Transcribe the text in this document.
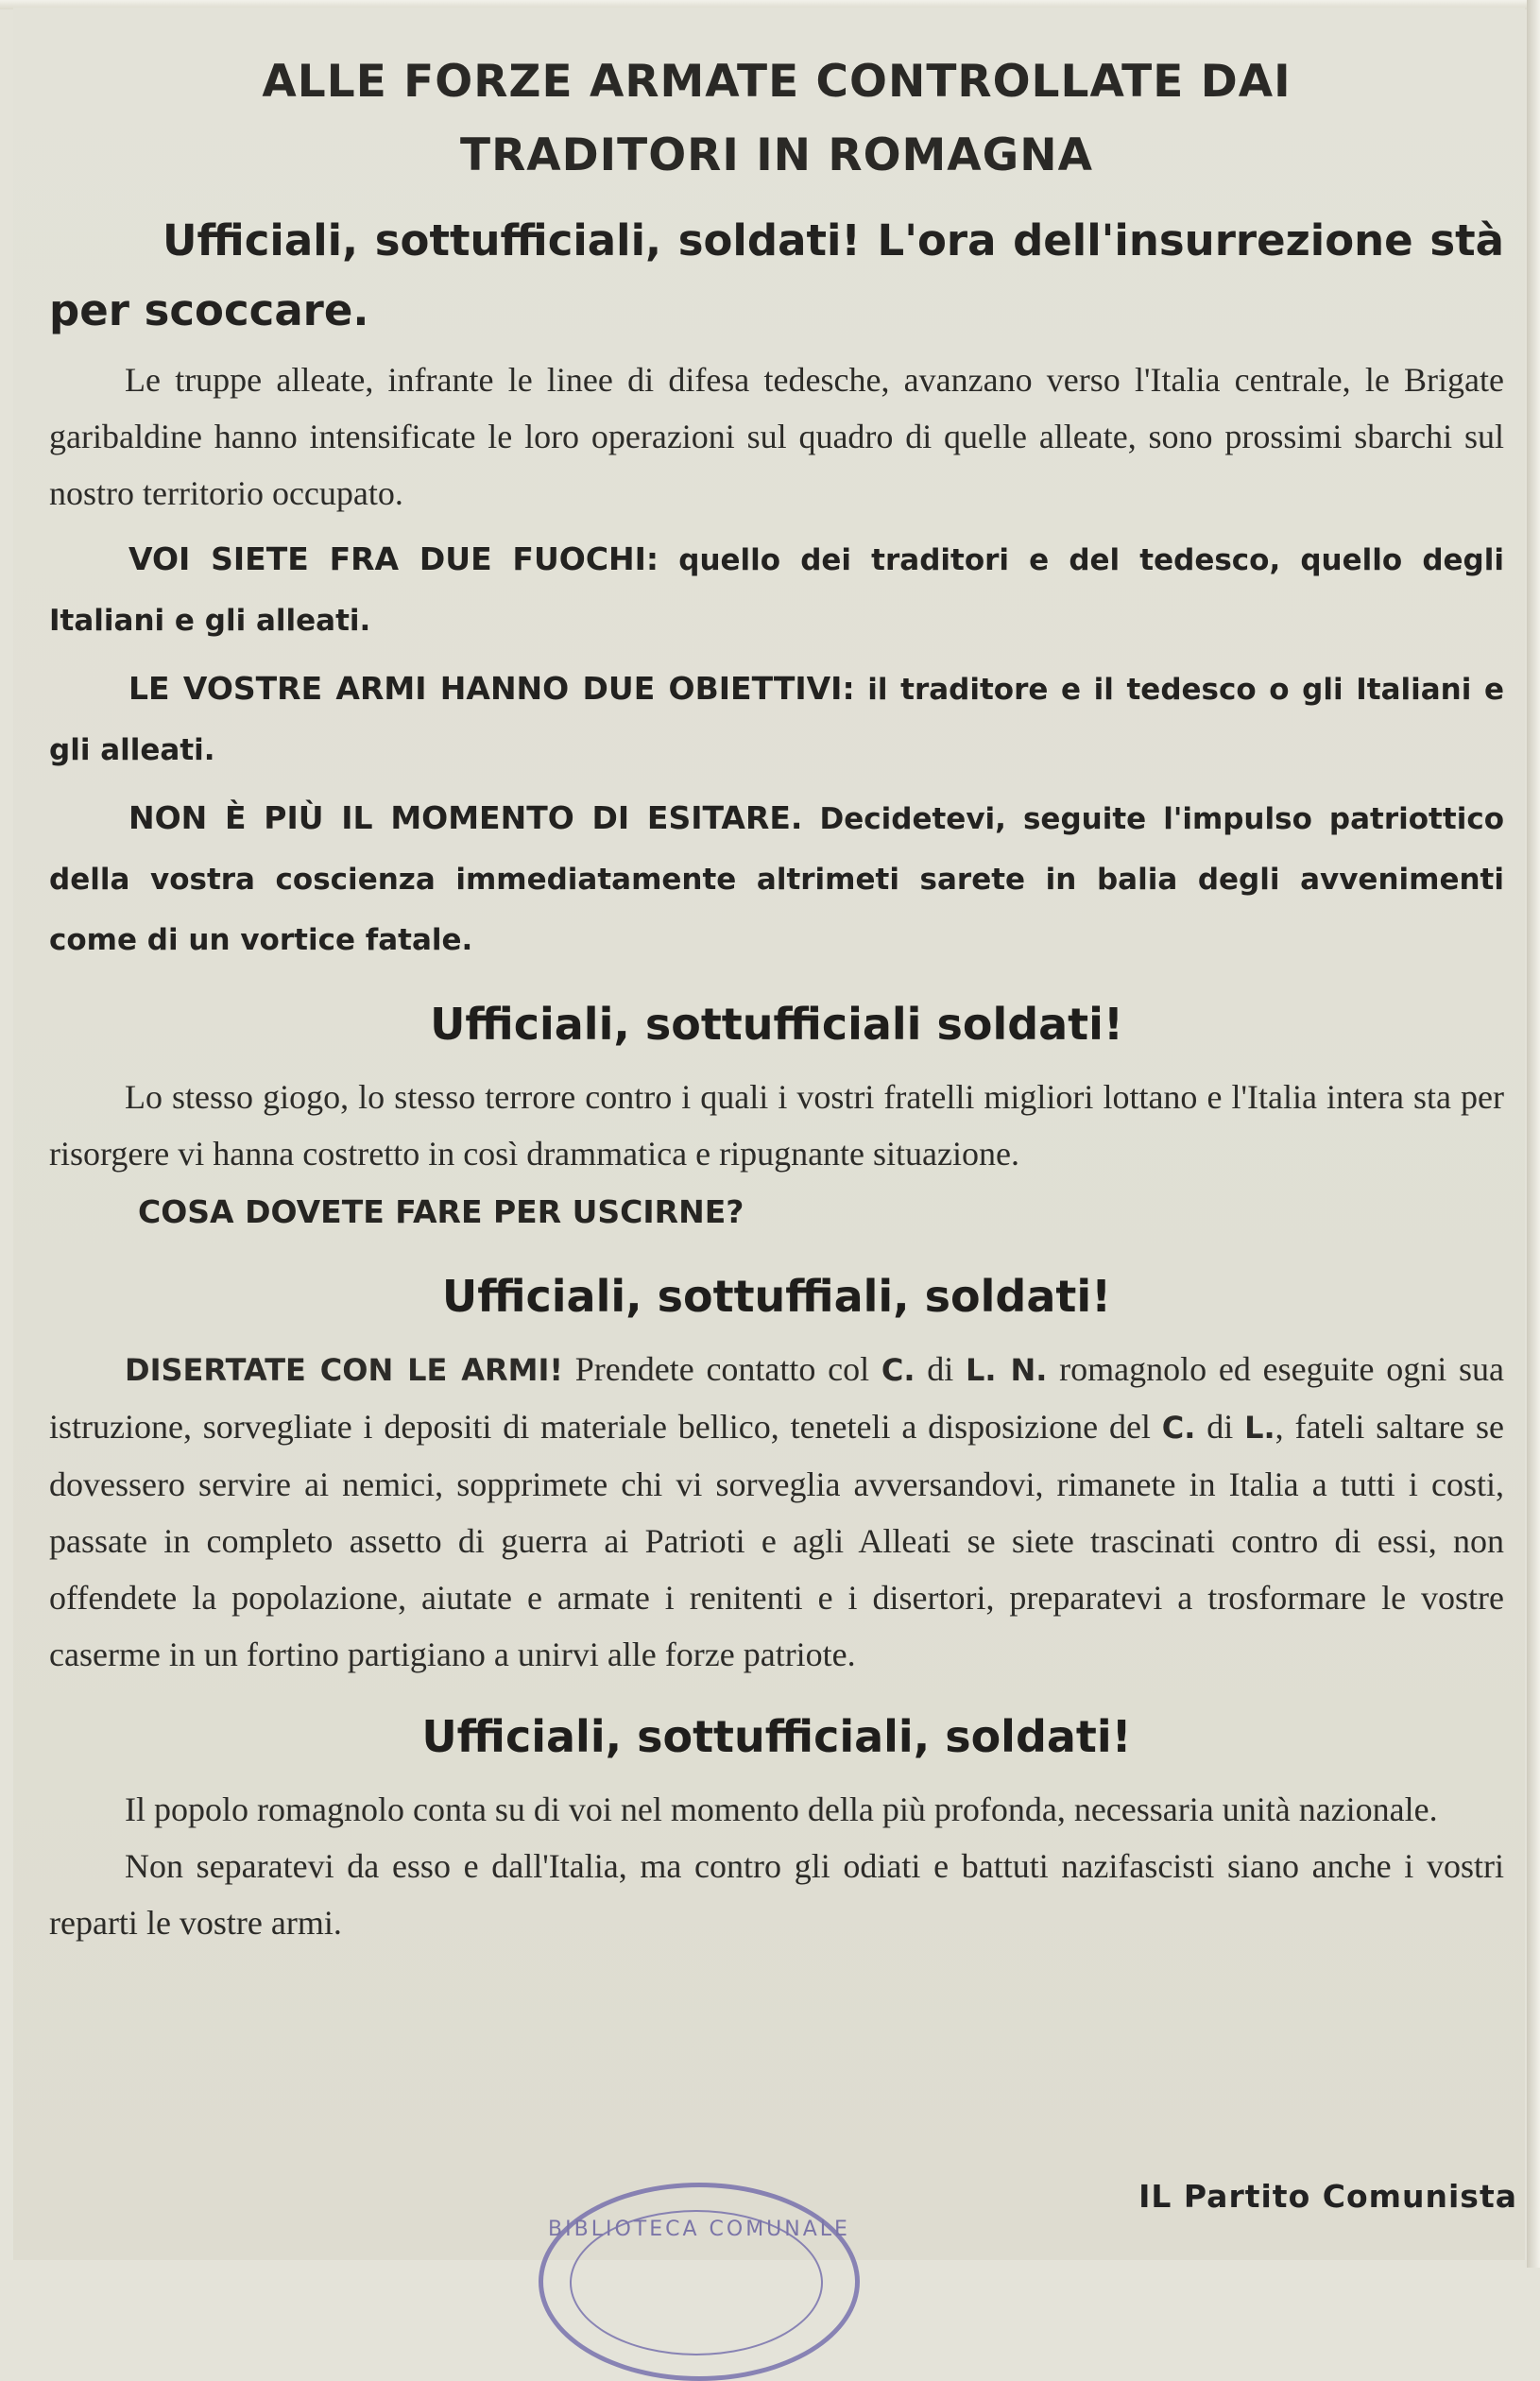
ALLE FORZE ARMATE CONTROLLATE DAI
TRADITORI IN ROMAGNA
Ufficiali, sottufficiali, soldati! L'ora dell'insurrezione stà per scoccare.

Le truppe alleate, infrante le linee di difesa tedesche, avanzano verso l'Italia centrale, le Brigate garibaldine hanno intensificate le loro operazioni sul quadro di quelle alleate, sono prossimi sbarchi sul nostro territorio occupato.

VOI SIETE FRA DUE FUOCHI: quello dei traditori e del tedesco, quello degli Italiani e gli alleati.

LE VOSTRE ARMI HANNO DUE OBIETTIVI: il traditore e il tedesco o gli Italiani e gli alleati.

NON È PIÙ IL MOMENTO DI ESITARE. Decidetevi, seguite l'impulso patriottico della vostra coscienza immediatamente altrimeti sarete in balia degli avvenimenti come di un vortice fatale.

Ufficiali, sottufficiali soldati!

Lo stesso giogo, lo stesso terrore contro i quali i vostri fratelli migliori lottano e l'Italia intera sta per risorgere vi hanna costretto in così drammatica e ripugnante situazione.

COSA DOVETE FARE PER USCIRNE?

Ufficiali, sottuffiali, soldati!

DISERTATE CON LE ARMI! Prendete contatto col C. di L. N. romagnolo ed eseguite ogni sua istruzione, sorvegliate i depositi di materiale bellico, teneteli a disposizione del C. di L., fateli saltare se dovessero servire ai nemici, sopprimete chi vi sorveglia avversandovi, rimanete in Italia a tutti i costi, passate in completo assetto di guerra ai Patrioti e agli Alleati se siete trascinati contro di essi, non offendete la popolazione, aiutate e armate i renitenti e i disertori, preparatevi a trosformare le vostre caserme in un fortino partigiano a unirvi alle forze patriote.

Ufficiali, sottufficiali, soldati!

Il popolo romagnolo conta su di voi nel momento della più profonda, necessaria unità nazionale.

Non separatevi da esso e dall'Italia, ma contro gli odiati e battuti nazifascisti siano anche i vostri reparti le vostre armi.

BIBLIOTECA COMUNALE
IL Partito Comunista
